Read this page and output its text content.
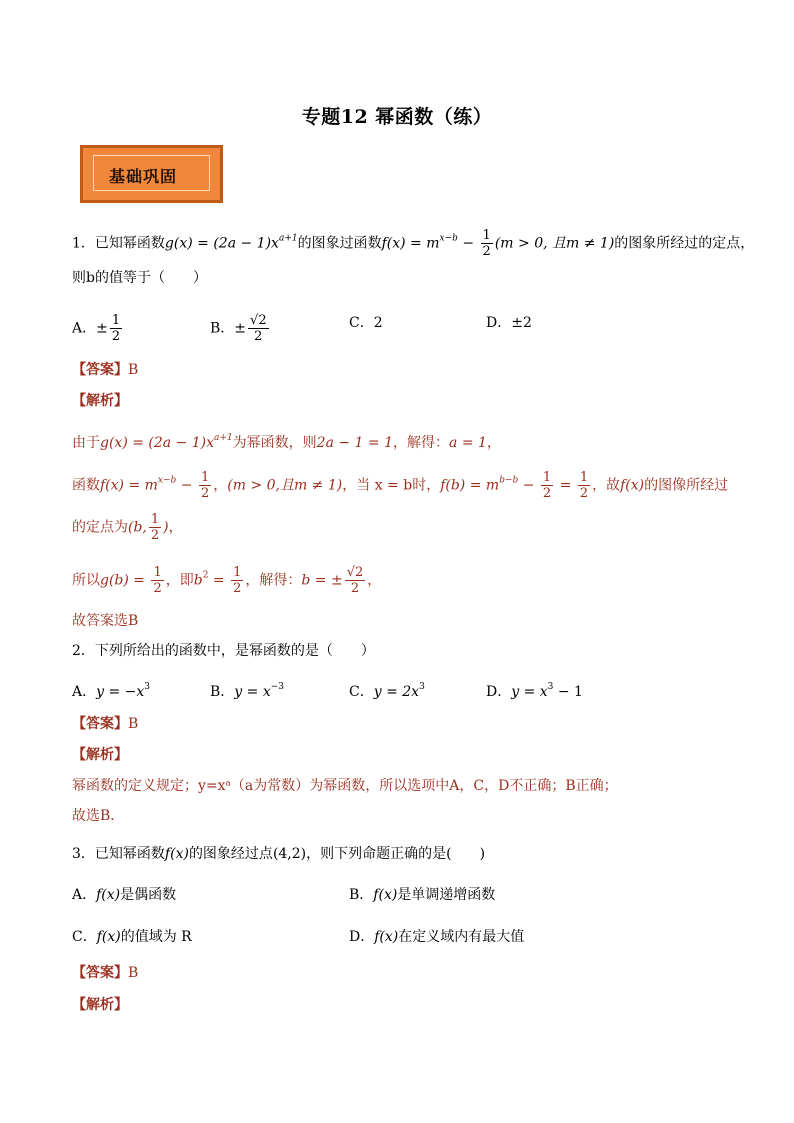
专题12 幂函数（练）
基础巩固
1．已知幂函数$g(x) = (2a - 1)x^{a+1}$的图象过函数$f(x) = m^{x-b} - \frac{1}{2} (m > 0$, 且m ≠ 1)的图象所经过的定点，
则b的值等于（　　）
A．± $\frac{1}{2}$	B．± $\frac{√2}{2}$	C．2	D．±2
【答案】B
【解析】
由于$g(x) = (2a - 1)x^{a+1}$为幂函数，则2a − 1 = 1，解得：a = 1，
函数$f(x) = m^{x-b} - \frac{1}{2}$ ，(m > 0,且m ≠ 1)，当 x = b时，$f(b) = m^{b-b} - \frac{1}{2} = \frac{1}{2}$ ，故f(x)的图像所经过
的定点为(b, $\frac{1}{2}$ )，
所以$g(b) = \frac{1}{2}$ ，即$b^2 = \frac{1}{2}$ ，解得：b = ± $\frac{√2}{2}$ ，
故答案选B
2．下列所给出的函数中，是幂函数的是（　　）
A．$y = -x^3$	B．$y = x^{-3}$	C．$y = 2x^3$	D．$y = x^3 - 1$
【答案】B
【解析】
幂函数的定义规定；y=xᵃ（a为常数）为幂函数，所以选项中A，C，D不正确；B正确；
故选B．
3．已知幂函数f(x)的图象经过点(4,2)，则下列命题正确的是(　　)
A．f(x)是偶函数	B．f(x)是单调递增函数
C．f(x)的值域为 R	D．f(x)在定义域内有最大值
【答案】B
【解析】
